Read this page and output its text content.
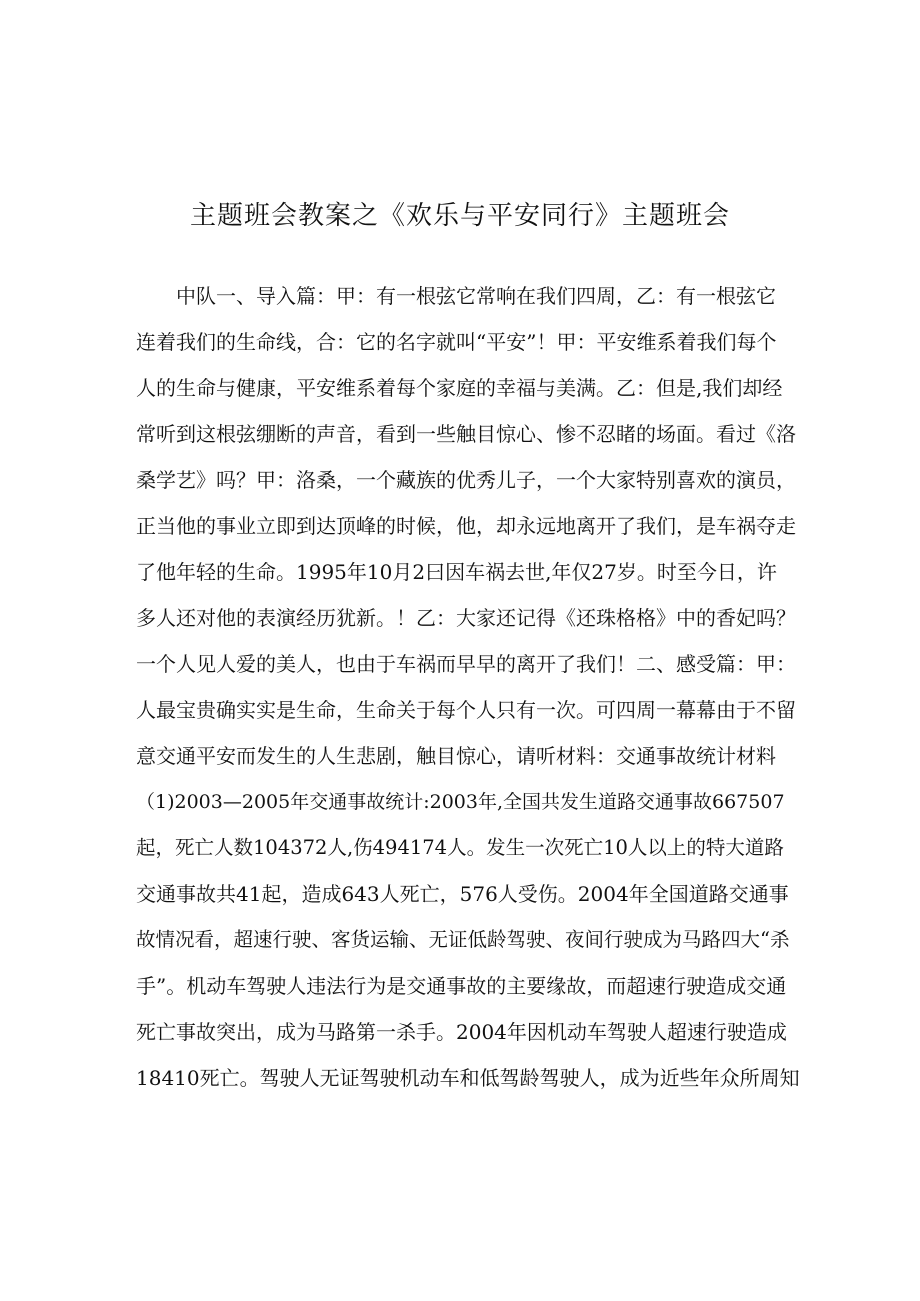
主题班会教案之《欢乐与平安同行》主题班会
　　中队一、导入篇：甲：有一根弦它常响在我们四周，乙：有一根弦它
连着我们的生命线，合：它的名字就叫“平安”！甲：平安维系着我们每个
人的生命与健康，平安维系着每个家庭的幸福与美满。乙：但是,我们却经
常听到这根弦绷断的声音，看到一些触目惊心、惨不忍睹的场面。看过《洛
桑学艺》吗？甲：洛桑，一个藏族的优秀儿子，一个大家特别喜欢的演员，
正当他的事业立即到达顶峰的时候，他，却永远地离开了我们，是车祸夺走
了他年轻的生命。1995年10月2曰因车祸去世,年仅27岁。时至今日，许
多人还对他的表演经历犹新。！乙：大家还记得《还珠格格》中的香妃吗？
一个人见人爱的美人，也由于车祸而早早的离开了我们！二、感受篇：甲：
人最宝贵确实实是生命，生命关于每个人只有一次。可四周一幕幕由于不留
意交通平安而发生的人生悲剧，触目惊心，请听材料：交通事故统计材料
（1)2003—2005年交通事故统计:2003年,全国共发生道路交通事故667507
起，死亡人数104372人,伤494174人。发生一次死亡10人以上的特大道路
交通事故共41起，造成643人死亡，576人受伤。2004年全国道路交通事
故情况看，超速行驶、客货运输、无证低龄驾驶、夜间行驶成为马路四大“杀
手”。机动车驾驶人违法行为是交通事故的主要缘故，而超速行驶造成交通
死亡事故突出，成为马路第一杀手。2004年因机动车驾驶人超速行驶造成
18410死亡。驾驶人无证驾驶机动车和低驾龄驾驶人，成为近些年众所周知
